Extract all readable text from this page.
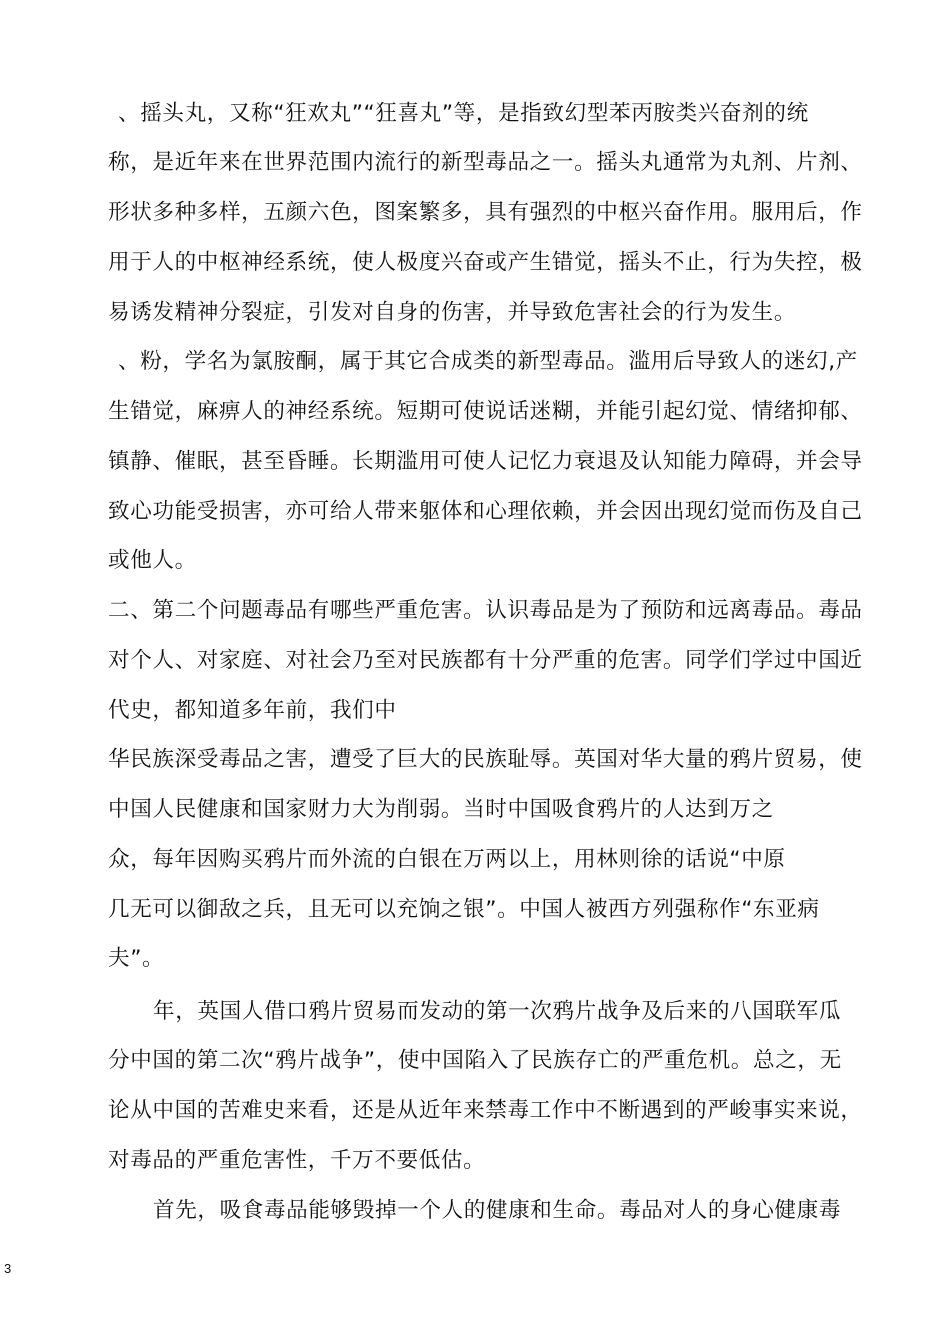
、摇头丸，又称“狂欢丸”“狂喜丸”等，是指致幻型苯丙胺类兴奋剂的统
称，是近年来在世界范围内流行的新型毒品之一。摇头丸通常为丸剂、片剂、
形状多种多样，五颜六色，图案繁多，具有强烈的中枢兴奋作用。服用后，作
用于人的中枢神经系统，使人极度兴奋或产生错觉，摇头不止，行为失控，极
易诱发精神分裂症，引发对自身的伤害，并导致危害社会的行为发生。
、粉，学名为氯胺酮，属于其它合成类的新型毒品。滥用后导致人的迷幻,产
生错觉，麻痹人的神经系统。短期可使说话迷糊，并能引起幻觉、情绪抑郁、
镇静、催眠，甚至昏睡。长期滥用可使人记忆力衰退及认知能力障碍，并会导
致心功能受损害，亦可给人带来躯体和心理依赖，并会因出现幻觉而伤及自己
或他人。
二、第二个问题毒品有哪些严重危害。认识毒品是为了预防和远离毒品。毒品
对个人、对家庭、对社会乃至对民族都有十分严重的危害。同学们学过中国近
代史，都知道多年前，我们中
华民族深受毒品之害，遭受了巨大的民族耻辱。英国对华大量的鸦片贸易，使
中国人民健康和国家财力大为削弱。当时中国吸食鸦片的人达到万之
众，每年因购买鸦片而外流的白银在万两以上，用林则徐的话说“中原
几无可以御敌之兵，且无可以充饷之银”。中国人被西方列强称作“东亚病
夫”。
年，英国人借口鸦片贸易而发动的第一次鸦片战争及后来的八国联军瓜
分中国的第二次“鸦片战争”，使中国陷入了民族存亡的严重危机。总之，无
论从中国的苦难史来看，还是从近年来禁毒工作中不断遇到的严峻事实来说，
对毒品的严重危害性，千万不要低估。
首先，吸食毒品能够毁掉一个人的健康和生命。毒品对人的身心健康毒
3
